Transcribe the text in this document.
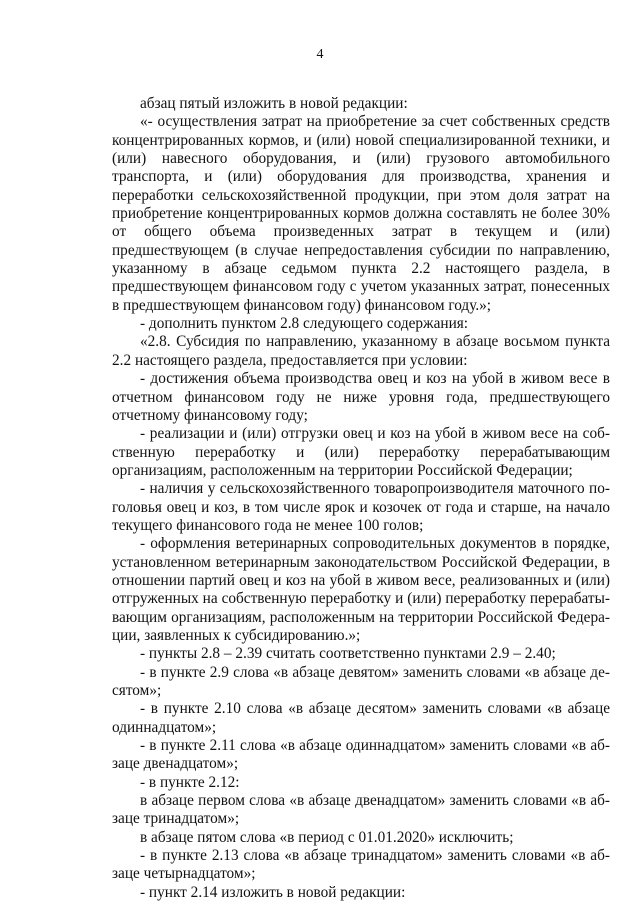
4

абзац пятый изложить в новой редакции:

«- осуществления затрат на приобретение за счет собственных средств концентрированных кормов, и (или) новой специализированной техники, и (или) навесного оборудования, и (или) грузового автомобильного транспорта, и (или) оборудования для производства, хранения и переработки сельскохозяйственной продукции, при этом доля затрат на приобретение концентрированных кормов должна составлять не более 30% от общего объема произведенных затрат в текущем и (или) предшествующем (в случае непредоставления субсидии по направлению, указанному в абзаце седьмом пункта 2.2 настоящего раздела, в предшествующем финансовом году с учетом указанных затрат, понесенных в предшествующем финансовом году) финансовом году.»;

- дополнить пунктом 2.8 следующего содержания:

«2.8. Субсидия по направлению, указанному в абзаце восьмом пункта 2.2 настоящего раздела, предоставляется при условии:

- достижения объема производства овец и коз на убой в живом весе в отчетном финансовом году не ниже уровня года, предшествующего отчетному финансовому году;

- реализации и (или) отгрузки овец и коз на убой в живом весе на собственную переработку и (или) переработку перерабатывающим организациям, расположенным на территории Российской Федерации;

- наличия у сельскохозяйственного товаропроизводителя маточного поголовья овец и коз, в том числе ярок и козочек от года и старше, на начало текущего финансового года не менее 100 голов;

- оформления ветеринарных сопроводительных документов в порядке, установленном ветеринарным законодательством Российской Федерации, в отношении партий овец и коз на убой в живом весе, реализованных и (или) отгруженных на собственную переработку и (или) переработку перерабатывающим организациям, расположенным на территории Российской Федерации, заявленных к субсидированию.»;

- пункты 2.8 – 2.39 считать соответственно пунктами 2.9 – 2.40;

- в пункте 2.9 слова «в абзаце девятом» заменить словами «в абзаце десятом»;

- в пункте 2.10 слова «в абзаце десятом» заменить словами «в абзаце одиннадцатом»;

- в пункте 2.11 слова «в абзаце одиннадцатом» заменить словами «в абзаце двенадцатом»;

- в пункте 2.12:

в абзаце первом слова «в абзаце двенадцатом» заменить словами «в абзаце тринадцатом»;

в абзаце пятом слова «в период с 01.01.2020» исключить;

- в пункте 2.13 слова «в абзаце тринадцатом» заменить словами «в абзаце четырнадцатом»;

- пункт 2.14 изложить в новой редакции:
